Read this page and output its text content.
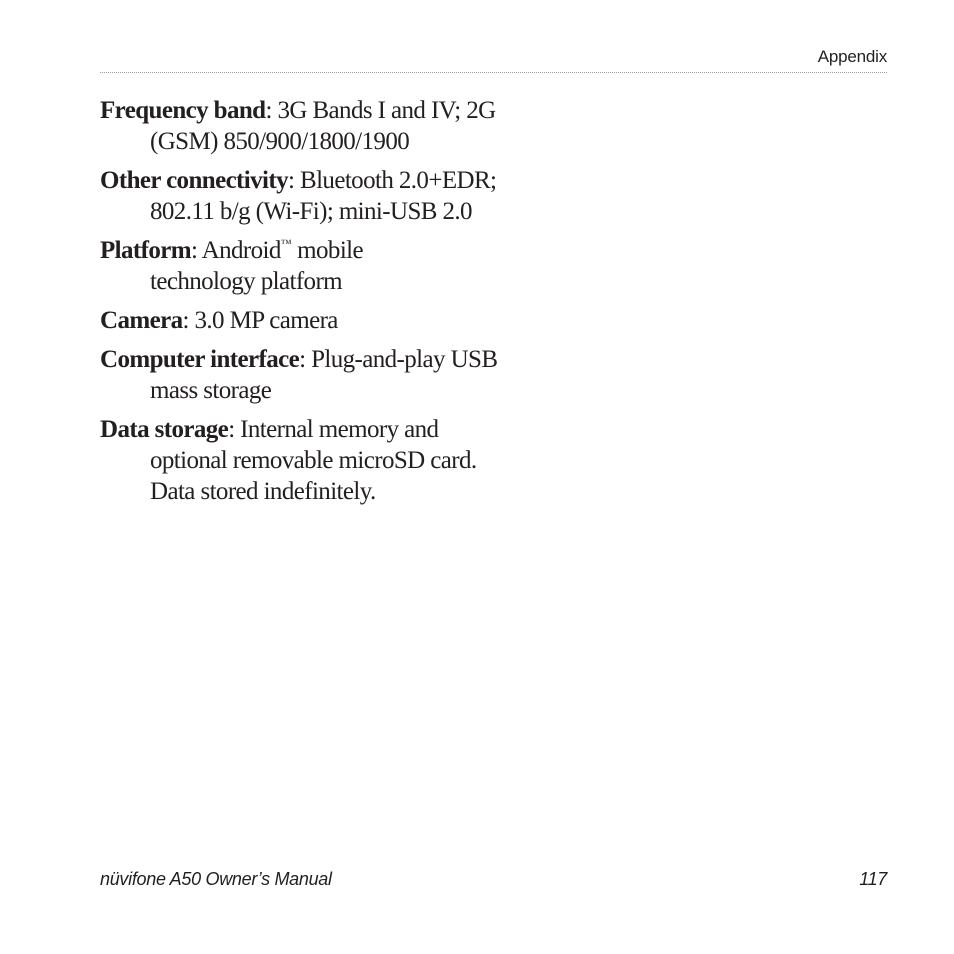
Appendix

Frequency band: 3G Bands I and IV; 2G (GSM) 850/900/1800/1900

Other connectivity: Bluetooth 2.0+EDR; 802.11 b/g (Wi-Fi); mini-USB 2.0

Platform: Android™ mobile technology platform

Camera: 3.0 MP camera

Computer interface: Plug-and-play USB mass storage

Data storage: Internal memory and optional removable microSD card. Data stored indefinitely.

nüvifone A50 Owner’s Manual	117
